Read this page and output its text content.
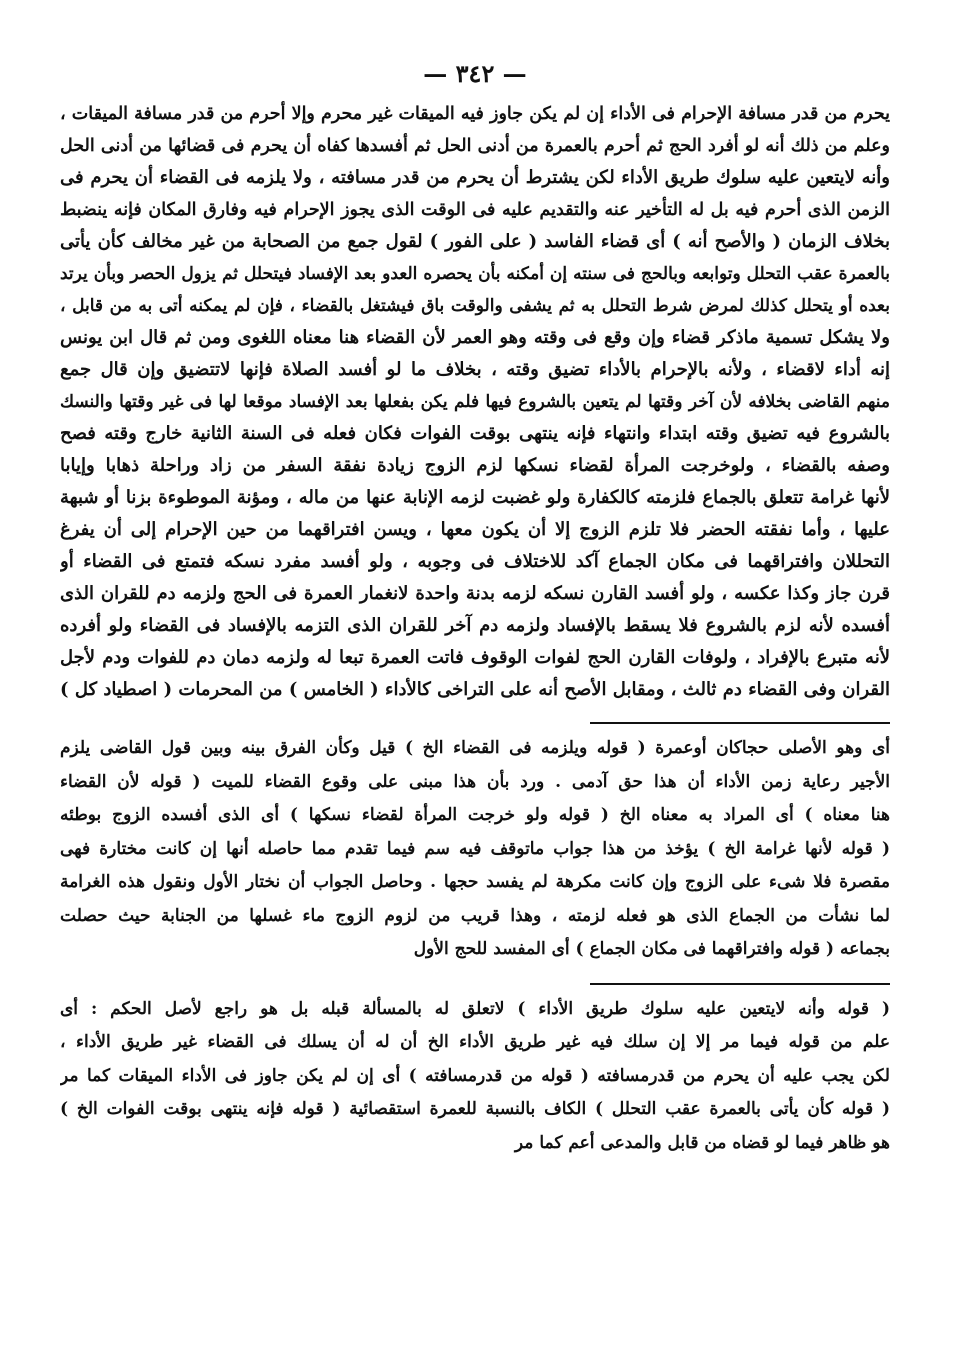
— ٣٤٢ —
يحرم من قدر مسافة الإحرام فى الأداء إن لم يكن جاوز فيه الميقات غير محرم وإلا أحرم من قدر مسافة الميقات ،
وعلم من ذلك أنه لو أفرد الحج ثم أحرم بالعمرة من أدنى الحل ثم أفسدها كفاه أن يحرم فى قضائها من أدنى الحل
وأنه لايتعين عليه سلوك طريق الأداء لكن يشترط أن يحرم من قدر مسافته ، ولا يلزمه فى القضاء أن يحرم فى
الزمن الذى أحرم فيه بل له التأخير عنه والتقديم عليه فى الوقت الذى يجوز الإحرام فيه وفارق المكان فإنه ينضبط
بخلاف الزمان ( والأصح أنه ) أى قضاء الفاسد ( على الفور ) لقول جمع من الصحابة من غير مخالف كأن يأتى
بالعمرة عقب التحلل وتوابعه وبالحج فى سنته إن أمكنه بأن يحصره العدو بعد الإفساد فيتحلل ثم يزول الحصر وبأن يرتد
بعده أو يتحلل كذلك لمرض شرط التحلل به ثم يشفى والوقت باق فيشتغل بالقضاء ، فإن لم يمكنه أتى به من قابل ،
ولا يشكل تسمية ماذكر قضاء وإن وقع فى وقته وهو العمر لأن القضاء هنا معناه اللغوى ومن ثم قال ابن يونس
إنه أداء لاقضاء ، ولأنه بالإحرام بالأداء تضيق وقته ، بخلاف ما لو أفسد الصلاة فإنها لاتتضيق وإن قال جمع
منهم القاضى بخلافه لأن آخر وقتها لم يتعين بالشروع فيها فلم يكن بفعلها بعد الإفساد موقعا لها فى غير وقتها والنسك
بالشروع فيه تضيق وقته ابتداء وانتهاء فإنه ينتهى بوقت الفوات فكان فعله فى السنة الثانية خارج وقته فصح
وصفه بالقضاء ، ولوخرجت المرأة لقضاء نسكها لزم الزوج زيادة نفقة السفر من زاد وراحلة ذهابا وإيابا
لأنها غرامة تتعلق بالجماع فلزمته كالكفارة ولو غضبت لزمه الإنابة عنها من ماله ، ومؤنة الموطوءة بزنا أو شبهة
عليها ، وأما نفقته الحضر فلا تلزم الزوج إلا أن يكون معها ، ويسن افتراقهما من حين الإحرام إلى أن يفرغ
التحللان وافتراقهما فى مكان الجماع آكد للاختلاف فى وجوبه ، ولو أفسد مفرد نسكه فتمتع فى القضاء أو
قرن جاز وكذا عكسه ، ولو أفسد القارن نسكه لزمه بدنة واحدة لانغمار العمرة فى الحج ولزمه دم للقران الذى
أفسده لأنه لزم بالشروع فلا يسقط بالإفساد ولزمه دم آخر للقران الذى التزمه بالإفساد فى القضاء ولو أفرده
لأنه متبرع بالإفراد ، ولوفات القارن الحج لفوات الوقوف فاتت العمرة تبعا له ولزمه دمان دم للفوات ودم لأجل
القران وفى القضاء دم ثالث ، ومقابل الأصح أنه على التراخى كالأداء ( الخامس ) من المحرمات ( اصطياد كل )
أى وهو الأصلى حجاكان أوعمرة ( قوله ويلزمه فى القضاء الخ ) قيل وكأن الفرق بينه وبين قول القاضى يلزم
الأجير رعاية زمن الأداء أن هذا حق آدمى . ورد بأن هذا مبنى على وقوع القضاء للميت ( قوله لأن القضاء
هنا معناه ) أى المراد به معناه الخ ( قوله ولو خرجت المرأة لقضاء نسكها ) أى الذى أفسده الزوج بوطئه
( قوله لأنها غرامة الخ ) يؤخذ من هذا جواب ماتوقف فيه سم فيما تقدم مما حاصله أنها إن كانت مختارة فهى
مقصرة فلا شىء على الزوج وإن كانت مكرهة لم يفسد حجها . وحاصل الجواب أن نختار الأول ونقول هذه الغرامة
لما نشأت من الجماع الذى هو فعله لزمته ، وهذا قريب من لزوم الزوج ماء غسلها من الجنابة حيث حصلت
بجماعه ( قوله وافتراقهما فى مكان الجماع ) أى المفسد للحج الأول
( قوله وأنه لايتعين عليه سلوك طريق الأداء ) لاتعلق له بالمسألة قبله بل هو راجع لأصل الحكم : أى
علم من قوله فيما مر إلا إن سلك فيه غير طريق الأداء الخ أن له أن يسلك فى القضاء غير طريق الأداء ،
لكن يجب عليه أن يحرم من قدرمسافته ( قوله من قدرمسافته ) أى إن لم يكن جاوز فى الأداء الميقات كما مر
( قوله كأن يأتى بالعمرة عقب التحلل ) الكاف بالنسبة للعمرة استقصائية ( قوله فإنه ينتهى بوقت الفوات الخ )
هو ظاهر فيما لو قضاه من قابل والمدعى أعم كما مر
